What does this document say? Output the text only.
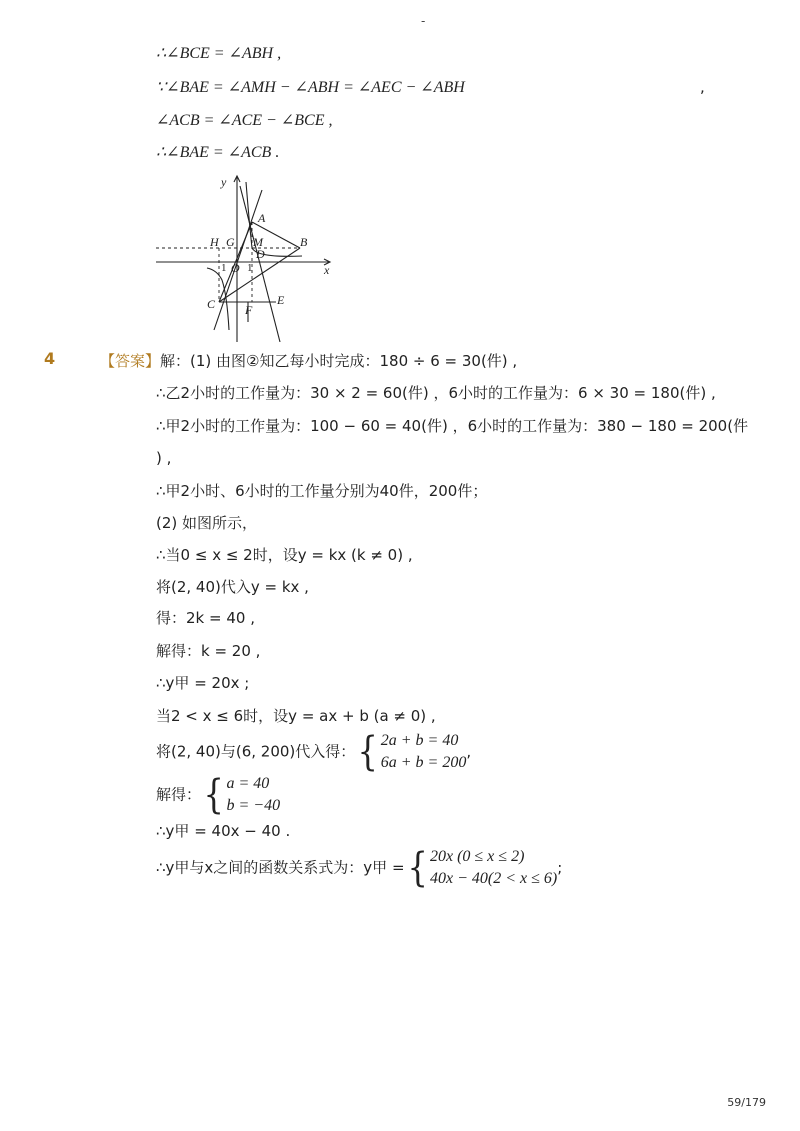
-
∴∠BCE = ∠ABH ,
∵∠BAE = ∠AMH − ∠ABH = ∠AEC − ∠ABH	,
∠ACB = ∠ACE − ∠BCE ,
∴∠BAE = ∠ACB .
y
x
A
B
H G M
D
O
C	E
F
1 1
4	【答案】解：(1) 由图②知乙每小时完成：180 ÷ 6 = 30(件) ,
∴乙2小时的工作量为：30 × 2 = 60(件) ，6小时的工作量为：6 × 30 = 180(件) ,
∴甲2小时的工作量为：100 − 60 = 40(件) ，6小时的工作量为：380 − 180 = 200(件
) ,
∴甲2小时、6小时的工作量分别为40件，200件；
(2) 如图所示，
∴当0 ≤ x ≤ 2时，设y = kx (k ≠ 0) ,
将(2, 40)代入y = kx ,
得：2k = 40 ,
解得：k = 20 ,
∴y甲 = 20x ;
当2 < x ≤ 6时，设y = ax + b (a ≠ 0) ,
将(2, 40)与(6, 200)代入得：{ 2a + b = 40
6a + b = 200
,
解得：{ a = 40
b = −40
∴y甲 = 40x − 40 .
∴y甲与x之间的函数关系式为：y甲 ={ 20x (0 ≤ x ≤ 2)
40x − 40(2 < x ≤ 6)
;
59/179
